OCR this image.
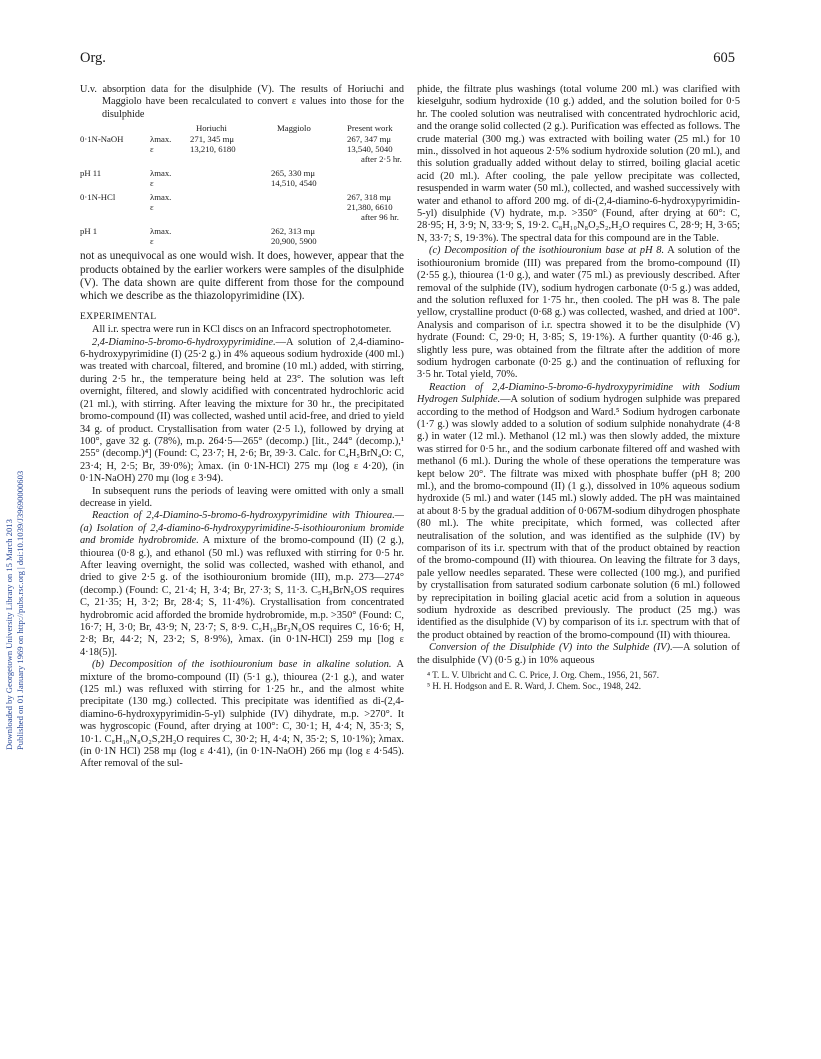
Org.	605
Downloaded by Georgetown University Library on 15 March 2013 Published on 01 January 1969 on http://pubs.rsc.org | doi:10.1039/J39690000603

U.v. absorption data for the disulphide (V). The results of Horiuchi and Maggiolo have been recalculated to convert ε values into those for the disulphide

		Horiuchi	Maggiolo	Present work
0·1N-NaOH	λmax.	271, 345 mμ		267, 347 mμ
	ε	13,210, 6180		13,540, 5040
				after 2·5 hr.

pH 11	λmax.		265, 330 mμ	
	ε		14,510, 4540	

0·1N-HCl	λmax.			267, 318 mμ
	ε			21,380, 6610
				after 96 hr.

pH 1	λmax.		262, 313 mμ	
	ε		20,900, 5900	

not as unequivocal as one would wish. It does, however, appear that the products obtained by the earlier workers were samples of the disulphide (V). The data shown are quite different from those for the compound which we describe as the thiazolopyrimidine (IX).

EXPERIMENTAL

All i.r. spectra were run in KCl discs on an Infracord spectrophotometer.

2,4-Diamino-5-bromo-6-hydroxypyrimidine.—A solution of 2,4-diamino-6-hydroxypyrimidine (I) (25·2 g.) in 4% aqueous sodium hydroxide (400 ml.) was treated with charcoal, filtered, and bromine (10 ml.) added, with stirring, during 2·5 hr., the temperature being held at 23°. The solution was left overnight, filtered, and slowly acidified with concentrated hydrochloric acid (21 ml.), with stirring. After leaving the mixture for 30 hr., the precipitated bromo-compound (II) was collected, washed until acid-free, and dried to yield 34 g. of product. Crystallisation from water (2·5 l.), followed by drying at 100°, gave 32 g. (78%), m.p. 264·5—265° (decomp.) [lit., 244° (decomp.),¹ 255° (decomp.)⁴] (Found: C, 23·7; H, 2·6; Br, 39·3. Calc. for C₄H₅BrN₄O: C, 23·4; H, 2·5; Br, 39·0%); λmax. (in 0·1N-HCl) 275 mμ (log ε 4·20), (in 0·1N-NaOH) 270 mμ (log ε 3·94).

In subsequent runs the periods of leaving were omitted with only a small decrease in yield.

Reaction of 2,4-Diamino-5-bromo-6-hydroxypyrimidine with Thiourea.—(a) Isolation of 2,4-diamino-6-hydroxypyrimidine-5-isothiouronium bromide and bromide hydrobromide. A mixture of the bromo-compound (II) (2 g.), thiourea (0·8 g.), and ethanol (50 ml.) was refluxed with stirring for 0·5 hr. After leaving overnight, the solid was collected, washed with ethanol, and dried to give 2·5 g. of the isothiouronium bromide (III), m.p. 273—274° (decomp.) (Found: C, 21·4; H, 3·4; Br, 27·3; S, 11·3. C₅H₉BrN₅OS requires C, 21·35; H, 3·2; Br, 28·4; S, 11·4%). Crystallisation from concentrated hydrobromic acid afforded the bromide hydrobromide, m.p. >350° (Found: C, 16·7; H, 3·0; Br, 43·9; N, 23·7; S, 8·9. C₅H₁₀Br₂N₆OS requires C, 16·6; H, 2·8; Br, 44·2; N, 23·2; S, 8·9%), λmax. (in 0·1N-HCl) 259 mμ [log ε 4·18(5)].

(b) Decomposition of the isothiouronium base in alkaline solution. A mixture of the bromo-compound (II) (5·1 g.), thiourea (2·1 g.), and water (125 ml.) was refluxed with stirring for 1·25 hr., and the almost white precipitate (130 mg.) collected. This precipitate was identified as di-(2,4-diamino-6-hydroxypyrimidin-5-yl) sulphide (IV) dihydrate, m.p. >270°. It was hygroscopic (Found, after drying at 100°: C, 30·1; H, 4·4; N, 35·3; S, 10·1. C₈H₁₀N₈O₂S,2H₂O requires C, 30·2; H, 4·4; N, 35·2; S, 10·1%); λmax. (in 0·1N HCl) 258 mμ (log ε 4·41), (in 0·1N-NaOH) 266 mμ (log ε 4·545). After removal of the sul-

phide, the filtrate plus washings (total volume 200 ml.) was clarified with kieselguhr, sodium hydroxide (10 g.) added, and the solution boiled for 0·5 hr. The cooled solution was neutralised with concentrated hydrochloric acid, and the orange solid collected (2 g.). Purification was effected as follows. The crude material (300 mg.) was extracted with boiling water (25 ml.) for 10 min., dissolved in hot aqueous 2·5% sodium hydroxide solution (20 ml.), and this solution gradually added without delay to stirred, boiling glacial acetic acid (20 ml.). After cooling, the pale yellow precipitate was collected, resuspended in warm water (50 ml.), collected, and washed successively with water and ethanol to afford 200 mg. of di-(2,4-diamino-6-hydroxypyrimidin-5-yl) disulphide (V) hydrate, m.p. >350° (Found, after drying at 60°: C, 28·95; H, 3·9; N, 33·9; S, 19·2. C₈H₁₀N₈O₂S₂,H₂O requires C, 28·9; H, 3·65; N, 33·7; S, 19·3%). The spectral data for this compound are in the Table.

(c) Decomposition of the isothiouronium base at pH 8. A solution of the isothiouronium bromide (III) was prepared from the bromo-compound (II) (2·55 g.), thiourea (1·0 g.), and water (75 ml.) as previously described. After removal of the sulphide (IV), sodium hydrogen carbonate (0·5 g.) was added, and the solution refluxed for 1·75 hr., then cooled. The pH was 8. The pale yellow, crystalline product (0·68 g.) was collected, washed, and dried at 100°. Analysis and comparison of i.r. spectra showed it to be the disulphide (V) hydrate (Found: C, 29·0; H, 3·85; S, 19·1%). A further quantity (0·46 g.), slightly less pure, was obtained from the filtrate after the addition of more sodium hydrogen carbonate (0·25 g.) and the continuation of refluxing for 3·5 hr. Total yield, 70%.

Reaction of 2,4-Diamino-5-bromo-6-hydroxypyrimidine with Sodium Hydrogen Sulphide.—A solution of sodium hydrogen sulphide was prepared according to the method of Hodgson and Ward.⁵ Sodium hydrogen carbonate (1·7 g.) was slowly added to a solution of sodium sulphide nonahydrate (4·8 g.) in water (12 ml.). Methanol (12 ml.) was then slowly added, the mixture was stirred for 0·5 hr., and the sodium carbonate filtered off and washed with methanol (6 ml.). During the whole of these operations the temperature was kept below 20°. The filtrate was mixed with phosphate buffer (pH 8; 200 ml.), and the bromo-compound (II) (1 g.), dissolved in 10% aqueous sodium hydroxide (5 ml.) and water (145 ml.) slowly added. The pH was maintained at about 8·5 by the gradual addition of 0·067M-sodium dihydrogen phosphate (80 ml.). The white precipitate, which formed, was collected after neutralisation of the solution, and was identified as the sulphide (IV) by comparison of its i.r. spectrum with that of the product obtained by reaction of the bromo-compound (II) with thiourea. On leaving the filtrate for 3 days, pale yellow needles separated. These were collected (100 mg.), and purified by crystallisation from saturated sodium carbonate solution (6 ml.) followed by reprecipitation in boiling glacial acetic acid from a solution in aqueous sodium hydroxide as described previously. The product (25 mg.) was identified as the disulphide (V) by comparison of its i.r. spectrum with that of the product obtained by reaction of the bromo-compound (II) with thiourea.

Conversion of the Disulphide (V) into the Sulphide (IV).—A solution of the disulphide (V) (0·5 g.) in 10% aqueous

⁴ T. L. V. Ulbricht and C. C. Price, J. Org. Chem., 1956, 21, 567.

⁵ H. H. Hodgson and E. R. Ward, J. Chem. Soc., 1948, 242.
